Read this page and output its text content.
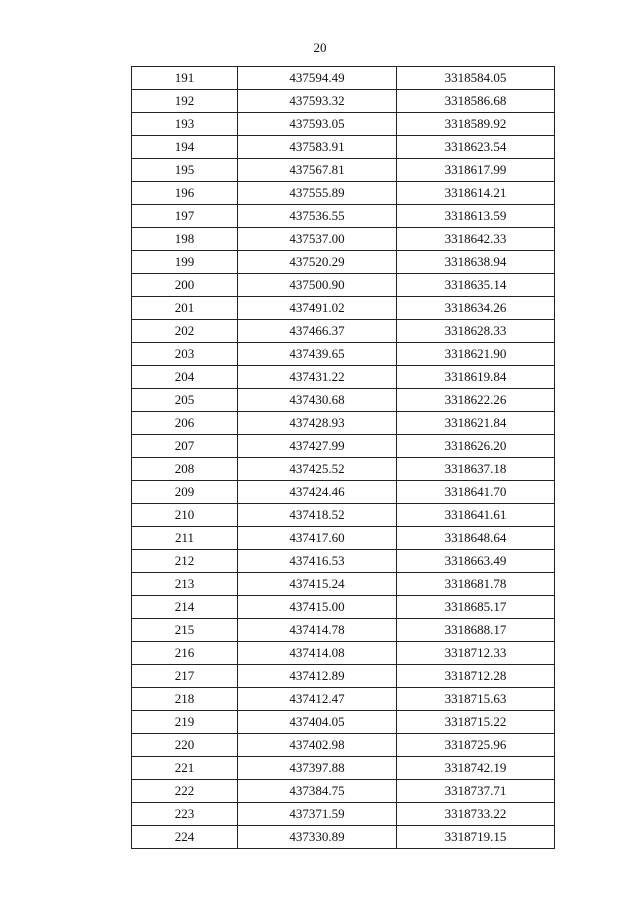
20
191	437594.49	3318584.05
192	437593.32	3318586.68
193	437593.05	3318589.92
194	437583.91	3318623.54
195	437567.81	3318617.99
196	437555.89	3318614.21
197	437536.55	3318613.59
198	437537.00	3318642.33
199	437520.29	3318638.94
200	437500.90	3318635.14
201	437491.02	3318634.26
202	437466.37	3318628.33
203	437439.65	3318621.90
204	437431.22	3318619.84
205	437430.68	3318622.26
206	437428.93	3318621.84
207	437427.99	3318626.20
208	437425.52	3318637.18
209	437424.46	3318641.70
210	437418.52	3318641.61
211	437417.60	3318648.64
212	437416.53	3318663.49
213	437415.24	3318681.78
214	437415.00	3318685.17
215	437414.78	3318688.17
216	437414.08	3318712.33
217	437412.89	3318712.28
218	437412.47	3318715.63
219	437404.05	3318715.22
220	437402.98	3318725.96
221	437397.88	3318742.19
222	437384.75	3318737.71
223	437371.59	3318733.22
224	437330.89	3318719.15
